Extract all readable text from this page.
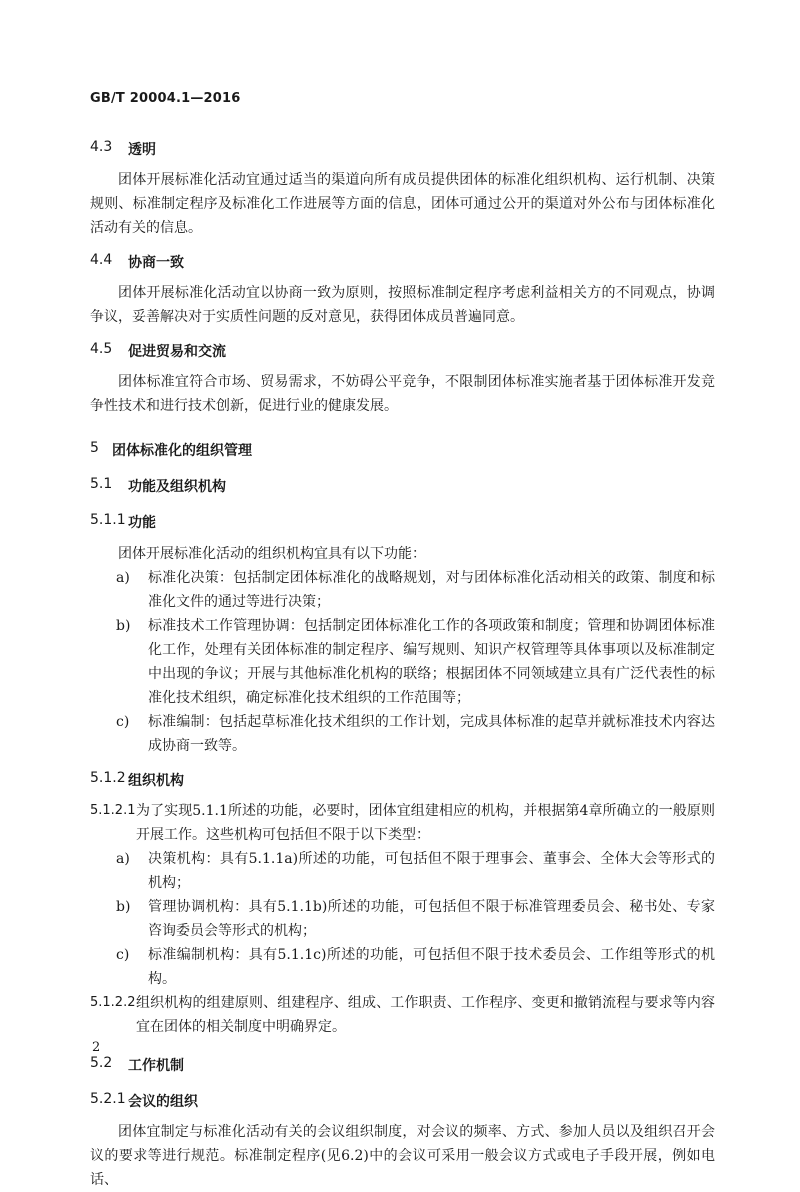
GB/T 20004.1—2016
4.3	透明

团体开展标准化活动宜通过适当的渠道向所有成员提供团体的标准化组织机构、运行机制、决策规则、标准制定程序及标准化工作进展等方面的信息，团体可通过公开的渠道对外公布与团体标准化活动有关的信息。

4.4	协商一致

团体开展标准化活动宜以协商一致为原则，按照标准制定程序考虑利益相关方的不同观点，协调争议，妥善解决对于实质性问题的反对意见，获得团体成员普遍同意。

4.5	促进贸易和交流

团体标准宜符合市场、贸易需求，不妨碍公平竞争，不限制团体标准实施者基于团体标准开发竞争性技术和进行技术创新，促进行业的健康发展。

5 团体标准化的组织管理
5.1	功能及组织机构
5.1.1 功能

团体开展标准化活动的组织机构宜具有以下功能：

a)	标准化决策：包括制定团体标准化的战略规划，对与团体标准化活动相关的政策、制度和标准化文件的通过等进行决策；
b)	标准技术工作管理协调：包括制定团体标准化工作的各项政策和制度；管理和协调团体标准化工作，处理有关团体标准的制定程序、编写规则、知识产权管理等具体事项以及标准制定中出现的争议；开展与其他标准化机构的联络；根据团体不同领域建立具有广泛代表性的标准化技术组织，确定标准化技术组织的工作范围等；
c)	标准编制：包括起草标准化技术组织的工作计划，完成具体标准的起草并就标准技术内容达成协商一致等。
5.1.2 组织机构
5.1.2.1 为了实现5.1.1所述的功能，必要时，团体宜组建相应的机构，并根据第4章所确立的一般原则开展工作。这些机构可包括但不限于以下类型：
a)	决策机构：具有5.1.1a)所述的功能，可包括但不限于理事会、董事会、全体大会等形式的机构；
b)	管理协调机构：具有5.1.1b)所述的功能，可包括但不限于标准管理委员会、秘书处、专家咨询委员会等形式的机构；
c)	标准编制机构：具有5.1.1c)所述的功能，可包括但不限于技术委员会、工作组等形式的机构。
5.1.2.2 组织机构的组建原则、组建程序、组成、工作职责、工作程序、变更和撤销流程与要求等内容宜在团体的相关制度中明确界定。
5.2	工作机制
5.2.1 会议的组织

团体宜制定与标准化活动有关的会议组织制度，对会议的频率、方式、参加人员以及组织召开会议的要求等进行规范。标准制定程序(见6.2)中的会议可采用一般会议方式或电子手段开展，例如电话、

2
